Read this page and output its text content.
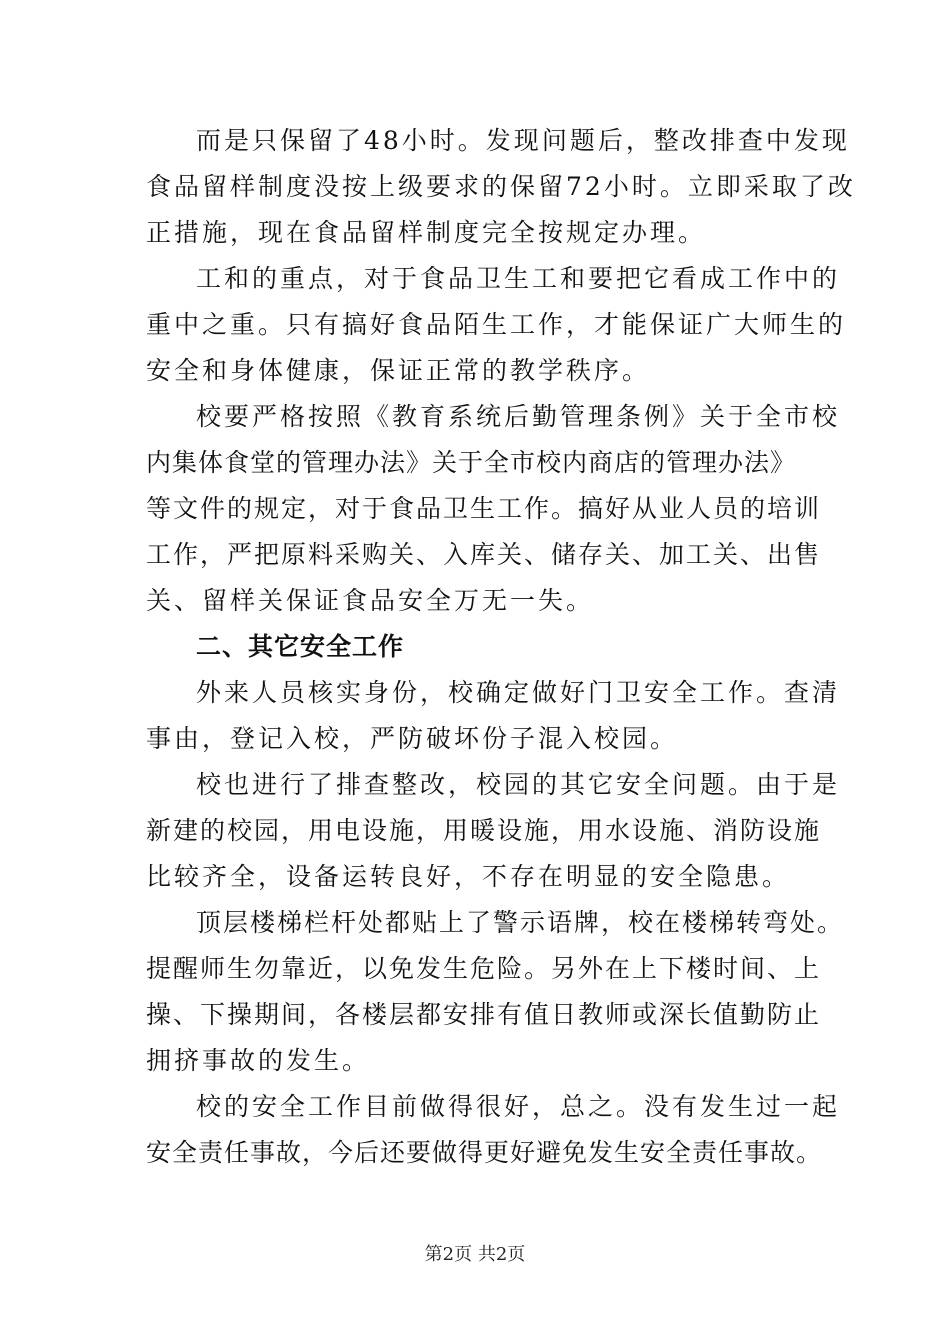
而是只保留了48小时。发现问题后，整改排查中发现
食品留样制度没按上级要求的保留72小时。立即采取了改
正措施，现在食品留样制度完全按规定办理。
工和的重点，对于食品卫生工和要把它看成工作中的
重中之重。只有搞好食品陌生工作，才能保证广大师生的
安全和身体健康，保证正常的教学秩序。
校要严格按照《教育系统后勤管理条例》关于全市校
内集体食堂的管理办法》关于全市校内商店的管理办法》
等文件的规定，对于食品卫生工作。搞好从业人员的培训
工作，严把原料采购关、入库关、储存关、加工关、出售
关、留样关保证食品安全万无一失。
二、其它安全工作
外来人员核实身份，校确定做好门卫安全工作。查清
事由，登记入校，严防破坏份子混入校园。
校也进行了排查整改，校园的其它安全问题。由于是
新建的校园，用电设施，用暖设施，用水设施、消防设施
比较齐全，设备运转良好，不存在明显的安全隐患。
顶层楼梯栏杆处都贴上了警示语牌，校在楼梯转弯处。
提醒师生勿靠近，以免发生危险。另外在上下楼时间、上
操、下操期间，各楼层都安排有值日教师或深长值勤防止
拥挤事故的发生。
校的安全工作目前做得很好，总之。没有发生过一起
安全责任事故，今后还要做得更好避免发生安全责任事故。
第2页 共2页
